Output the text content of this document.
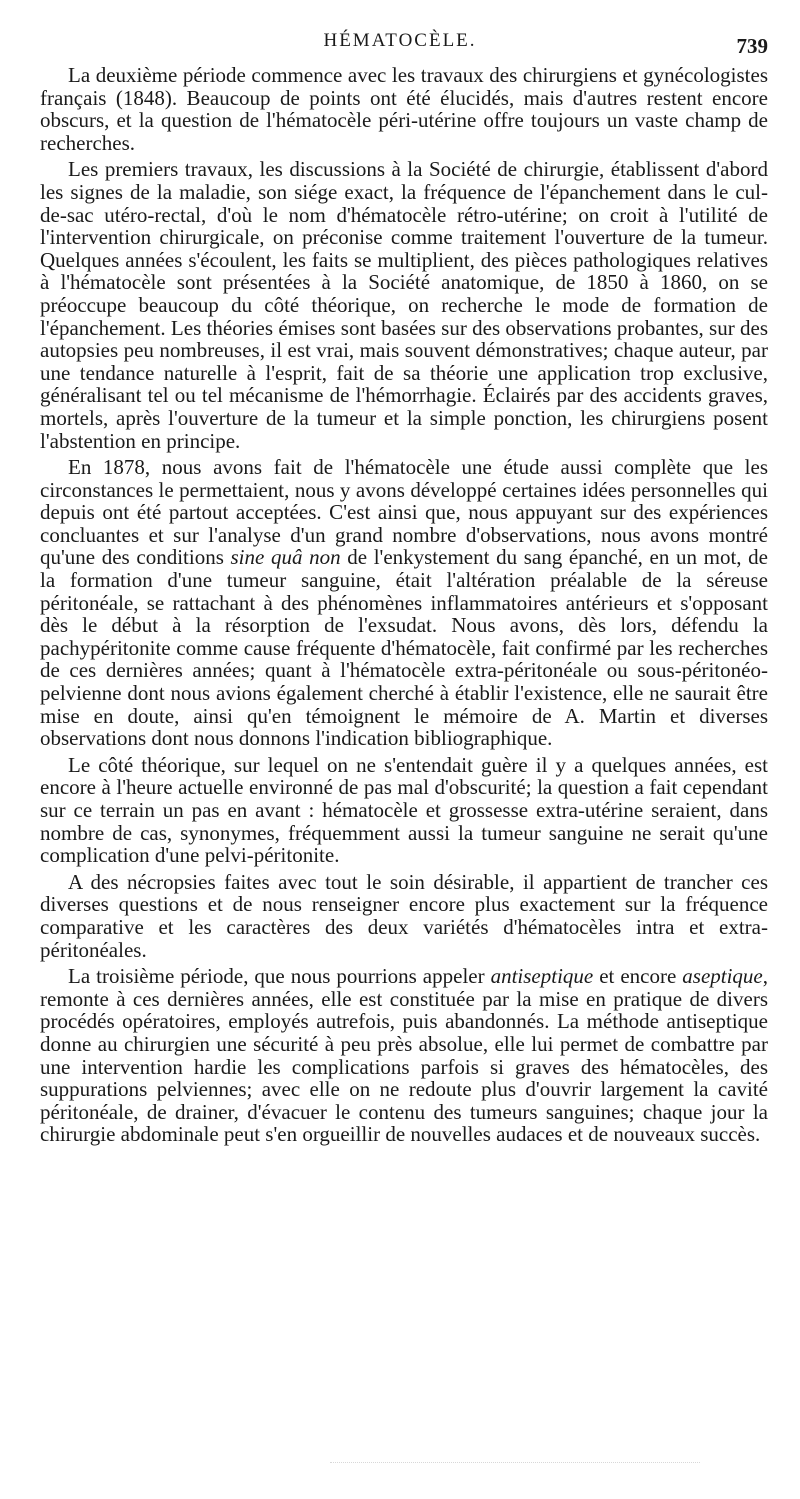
HÉMATOCÈLE.	739

La deuxième période commence avec les travaux des chirurgiens et gynécologistes français (1848). Beaucoup de points ont été élucidés, mais d'autres restent encore obscurs, et la question de l'hématocèle péri-utérine offre toujours un vaste champ de recherches.

Les premiers travaux, les discussions à la Société de chirurgie, établissent d'abord les signes de la maladie, son siége exact, la fréquence de l'épanchement dans le cul-de-sac utéro-rectal, d'où le nom d'hématocèle rétro-utérine; on croit à l'utilité de l'intervention chirurgicale, on préconise comme traitement l'ouverture de la tumeur. Quelques années s'écoulent, les faits se multiplient, des pièces pathologiques relatives à l'hématocèle sont présentées à la Société anatomique, de 1850 à 1860, on se préoccupe beaucoup du côté théorique, on recherche le mode de formation de l'épanchement. Les théories émises sont basées sur des observations probantes, sur des autopsies peu nombreuses, il est vrai, mais souvent démonstratives; chaque auteur, par une tendance naturelle à l'esprit, fait de sa théorie une application trop exclusive, généralisant tel ou tel mécanisme de l'hémorrhagie. Éclairés par des accidents graves, mortels, après l'ouverture de la tumeur et la simple ponction, les chirurgiens posent l'abstention en principe.

En 1878, nous avons fait de l'hématocèle une étude aussi complète que les circonstances le permettaient, nous y avons développé certaines idées personnelles qui depuis ont été partout acceptées. C'est ainsi que, nous appuyant sur des expériences concluantes et sur l'analyse d'un grand nombre d'observations, nous avons montré qu'une des conditions sine quâ non de l'enkystement du sang épanché, en un mot, de la formation d'une tumeur sanguine, était l'altération préalable de la séreuse péritonéale, se rattachant à des phénomènes inflammatoires antérieurs et s'opposant dès le début à la résorption de l'exsudat. Nous avons, dès lors, défendu la pachypéritonite comme cause fréquente d'hématocèle, fait confirmé par les recherches de ces dernières années; quant à l'hématocèle extra-péritonéale ou sous-péritonéo-pelvienne dont nous avions également cherché à établir l'existence, elle ne saurait être mise en doute, ainsi qu'en témoignent le mémoire de A. Martin et diverses observations dont nous donnons l'indication bibliographique.

Le côté théorique, sur lequel on ne s'entendait guère il y a quelques années, est encore à l'heure actuelle environné de pas mal d'obscurité; la question a fait cependant sur ce terrain un pas en avant : hématocèle et grossesse extra-utérine seraient, dans nombre de cas, synonymes, fréquemment aussi la tumeur sanguine ne serait qu'une complication d'une pelvi-péritonite.

A des nécropsies faites avec tout le soin désirable, il appartient de trancher ces diverses questions et de nous renseigner encore plus exactement sur la fréquence comparative et les caractères des deux variétés d'hématocèles intra et extra-péritonéales.

La troisième période, que nous pourrions appeler antiseptique et encore aseptique, remonte à ces dernières années, elle est constituée par la mise en pratique de divers procédés opératoires, employés autrefois, puis abandonnés. La méthode antiseptique donne au chirurgien une sécurité à peu près absolue, elle lui permet de combattre par une intervention hardie les complications parfois si graves des hématocèles, des suppurations pelviennes; avec elle on ne redoute plus d'ouvrir largement la cavité péritonéale, de drainer, d'évacuer le contenu des tumeurs sanguines; chaque jour la chirurgie abdominale peut s'en orgueillir de nouvelles audaces et de nouveaux succès.
